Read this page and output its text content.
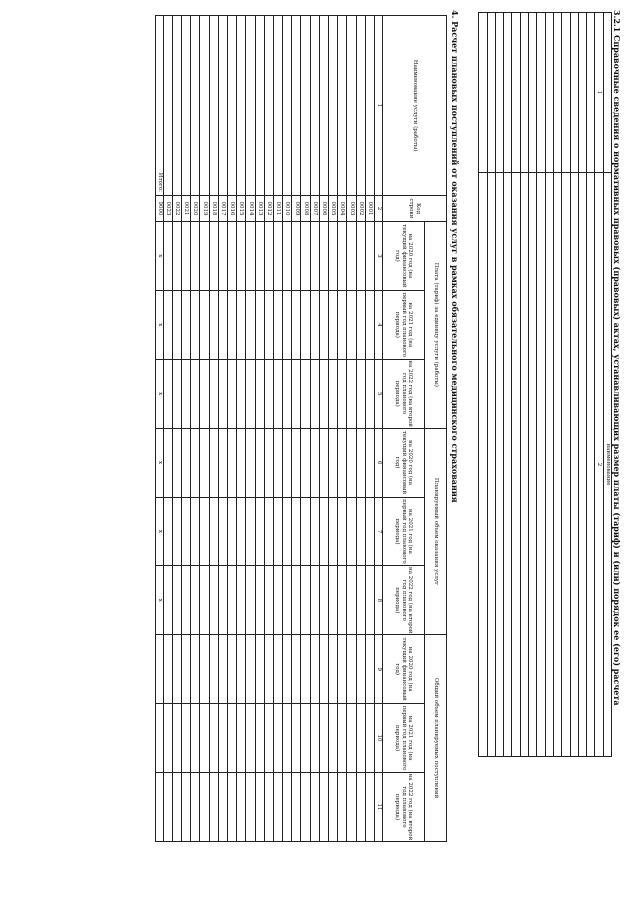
3.2.1 Справочные сведения о нормативных правовых (правовых) актах, устанавливающих размер платы (тариф) и (или) порядок ее (его) расчета
	наименование
1	2

4. Расчет плановых поступлений от оказания услуг в рамках обязательного медицинского страхования
Наименование услуги (работы)	Код строки	Плата (тариф) за единицу услуги (работы)			Планируемый объем оказания услуг			Общий объем планируемых поступлений		
		на 2020 год (на текущий финансовый год)	на 2021 год (на первый год планового периода)	на 2022 год (на второй год планового периода)	на 2020 год (на текущий финансовый год)	на 2021 год (на первый год планового периода)	на 2022 год (на второй год планового периода)	на 2020 год (на текущий финансовый год)	на 2021 год (на первый год планового периода)	на 2022 год (на второй год планового периода)
1	2	3	4	5	6	7	8	9	10	11
	0001									
	0002									
	0003									
	0004									
	0005									
	0006									
	0007									
	0008									
	0009									
	0010									
	0011									
	0012									
	0013									
	0014									
	0015									
	0016									
	0017									
	0018									
	0019									
	0020									
	0021									
	0022									
	0023									
Итого:	9000	x	x	x	x	x	x			
